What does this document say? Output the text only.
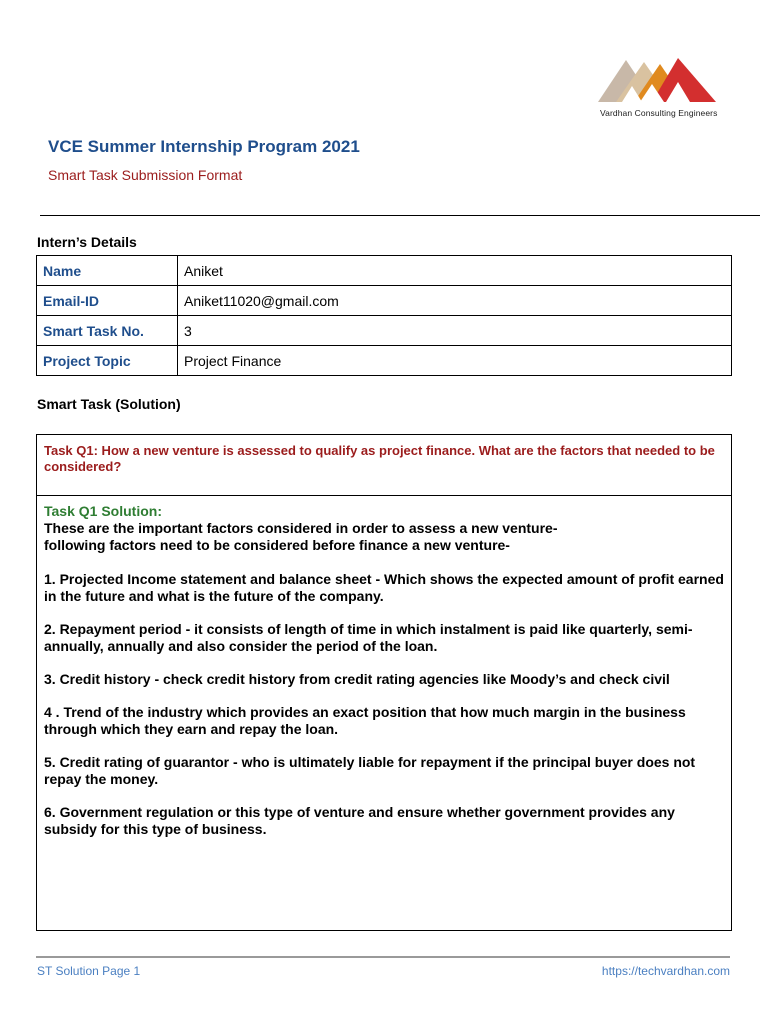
Vardhan Consulting Engineers
VCE Summer Internship Program 2021
Smart Task Submission Format
Intern’s Details
Name	Aniket
Email-ID	Aniket11020@gmail.com
Smart Task No.	3
Project Topic	Project Finance
Smart Task (Solution)
Task Q1: How a new venture is assessed to qualify as project finance. What are the factors that needed to be considered?
Task Q1 Solution:
These are the important factors considered in order to assess a new venture-
following factors need to be considered before finance a new venture-
1. Projected Income statement and balance sheet - Which shows the expected amount of profit earned in the future and what is the future of the company.
2. Repayment period - it consists of length of time in which instalment is paid like quarterly, semi-annually, annually and also consider the period of the loan.
3. Credit history - check credit history from credit rating agencies like Moody’s and check civil
4 . Trend of the industry which provides an exact position that how much margin in the business through which they earn and repay the loan.
5. Credit rating of guarantor - who is ultimately liable for repayment if the principal buyer does not repay the money.
6. Government regulation or this type of venture and ensure whether government provides any subsidy for this type of business.
ST Solution Page 1	https://techvardhan.com
